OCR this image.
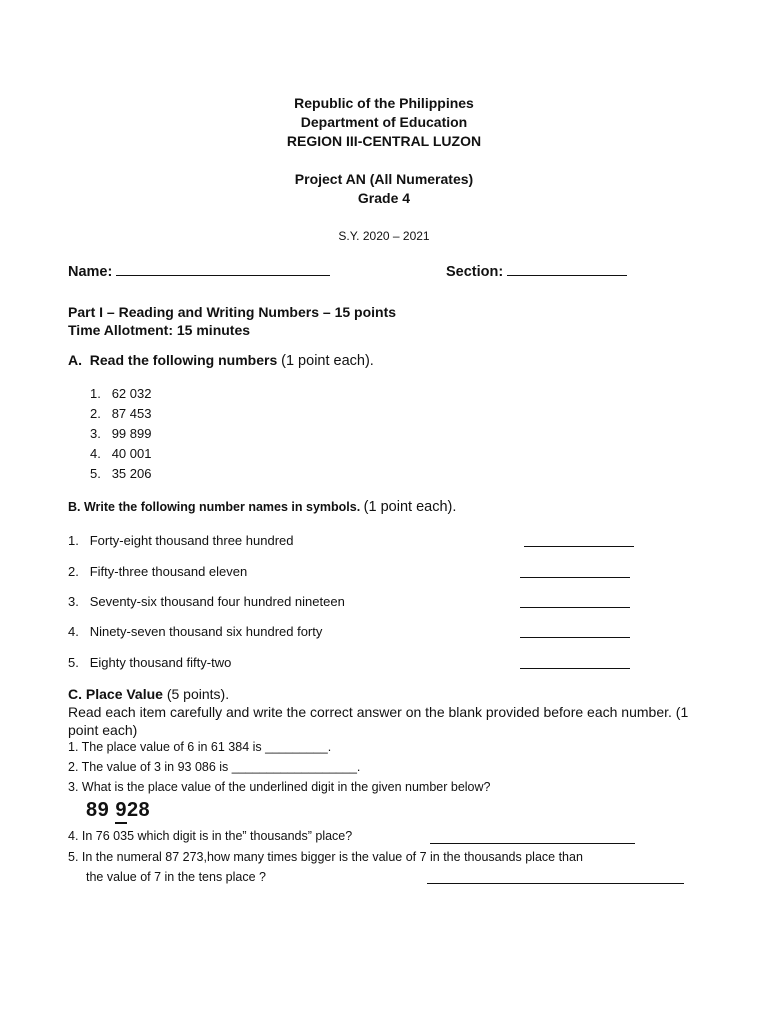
Republic of the Philippines
Department of Education
REGION III-CENTRAL LUZON
Project AN (All Numerates)
Grade 4
S.Y. 2020 – 2021
Name:	Section:
Part I – Reading and Writing Numbers – 15 points
Time Allotment: 15 minutes
A. Read the following numbers (1 point each).
1. 62 032
2. 87 453
3. 99 899
4. 40 001
5. 35 206
B. Write the following number names in symbols. (1 point each).
1. Forty-eight thousand three hundred
2. Fifty-three thousand eleven
3. Seventy-six thousand four hundred nineteen
4. Ninety-seven thousand six hundred forty
5. Eighty thousand fifty-two
C. Place Value (5 points).
Read each item carefully and write the correct answer on the blank provided before each number. (1 point each)
1. The place value of 6 in 61 384 is _________.
2. The value of 3 in 93 086 is __________________.
3. What is the place value of the underlined digit in the given number below?
89 928
4. In 76 035 which digit is in the” thousands” place?
5. In the numeral 87 273,how many times bigger is the value of 7 in the thousands place than
the value of 7 in the tens place ?
